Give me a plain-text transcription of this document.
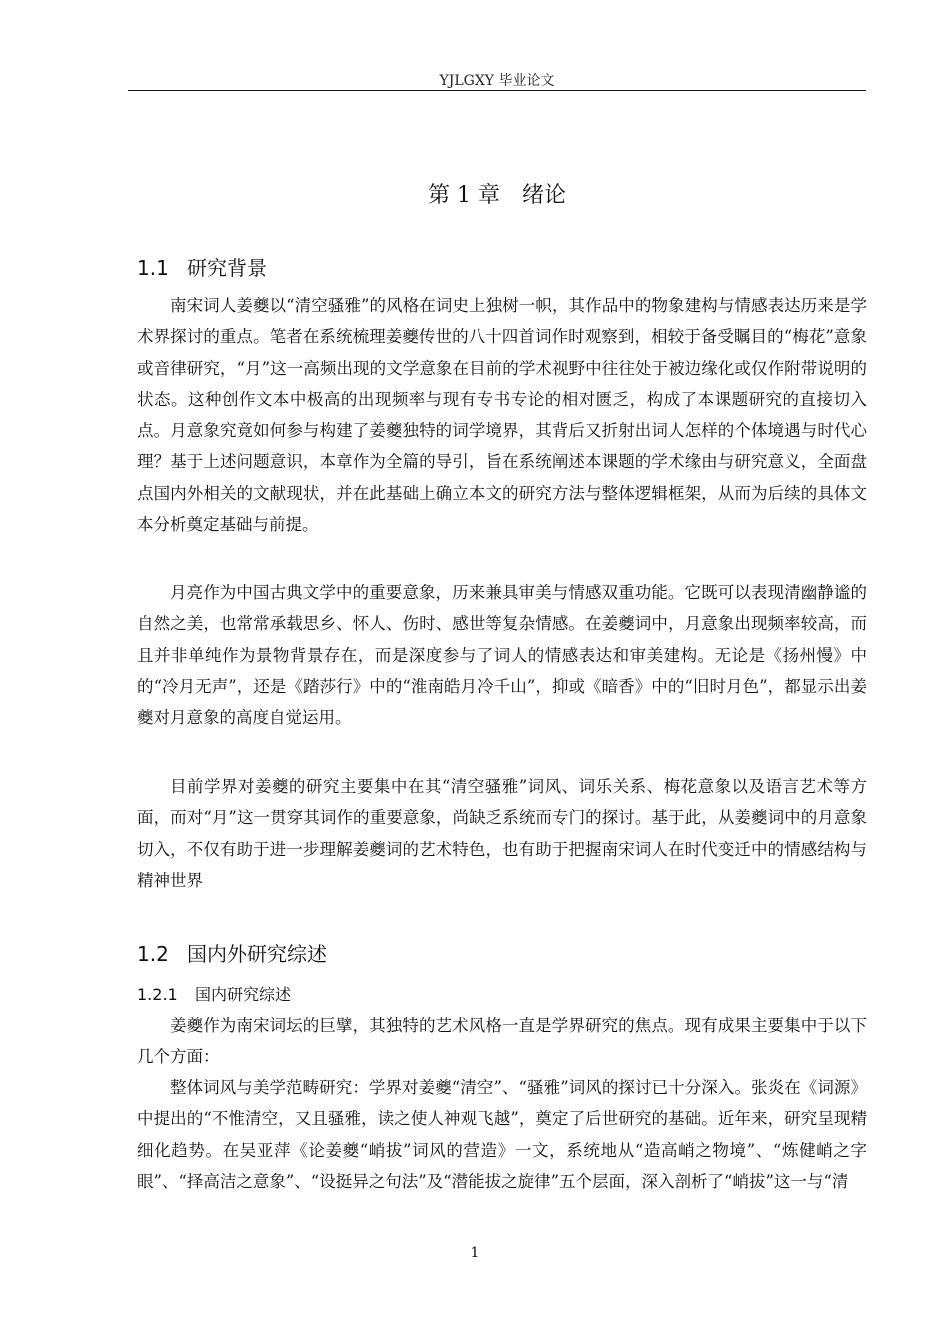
YJLGXY 毕业论文
第 1 章　绪论
1.1 研究背景

南宋词人姜夔以“清空骚雅”的风格在词史上独树一帜，其作品中的物象建构与情感表达历来是学术界探讨的重点。笔者在系统梳理姜夔传世的八十四首词作时观察到，相较于备受瞩目的“梅花”意象或音律研究，“月”这一高频出现的文学意象在目前的学术视野中往往处于被边缘化或仅作附带说明的状态。这种创作文本中极高的出现频率与现有专书专论的相对匮乏，构成了本课题研究的直接切入点。月意象究竟如何参与构建了姜夔独特的词学境界，其背后又折射出词人怎样的个体境遇与时代心理？基于上述问题意识，本章作为全篇的导引，旨在系统阐述本课题的学术缘由与研究意义，全面盘点国内外相关的文献现状，并在此基础上确立本文的研究方法与整体逻辑框架，从而为后续的具体文本分析奠定基础与前提。

月亮作为中国古典文学中的重要意象，历来兼具审美与情感双重功能。它既可以表现清幽静谧的自然之美，也常常承载思乡、怀人、伤时、感世等复杂情感。在姜夔词中，月意象出现频率较高，而且并非单纯作为景物背景存在，而是深度参与了词人的情感表达和审美建构。无论是《扬州慢》中的“冷月无声”，还是《踏莎行》中的“淮南皓月冷千山”，抑或《暗香》中的“旧时月色”，都显示出姜夔对月意象的高度自觉运用。

目前学界对姜夔的研究主要集中在其“清空骚雅”词风、词乐关系、梅花意象以及语言艺术等方面，而对“月”这一贯穿其词作的重要意象，尚缺乏系统而专门的探讨。基于此，从姜夔词中的月意象切入，不仅有助于进一步理解姜夔词的艺术特色，也有助于把握南宋词人在时代变迁中的情感结构与精神世界

1.2 国内外研究综述
1.2.1 国内研究综述

姜夔作为南宋词坛的巨擘，其独特的艺术风格一直是学界研究的焦点。现有成果主要集中于以下几个方面：

整体词风与美学范畴研究：学界对姜夔“清空”、“骚雅”词风的探讨已十分深入。张炎在《词源》中提出的“不惟清空，又且骚雅，读之使人神观飞越”，奠定了后世研究的基础。近年来，研究呈现精细化趋势。在吴亚萍《论姜夔“峭拔”词风的营造》一文，系统地从“造高峭之物境”、“炼健峭之字眼”、“择高洁之意象”、“设挺异之句法”及“潜能拔之旋律”五个层面，深入剖析了“峭拔”这一与“清

1
